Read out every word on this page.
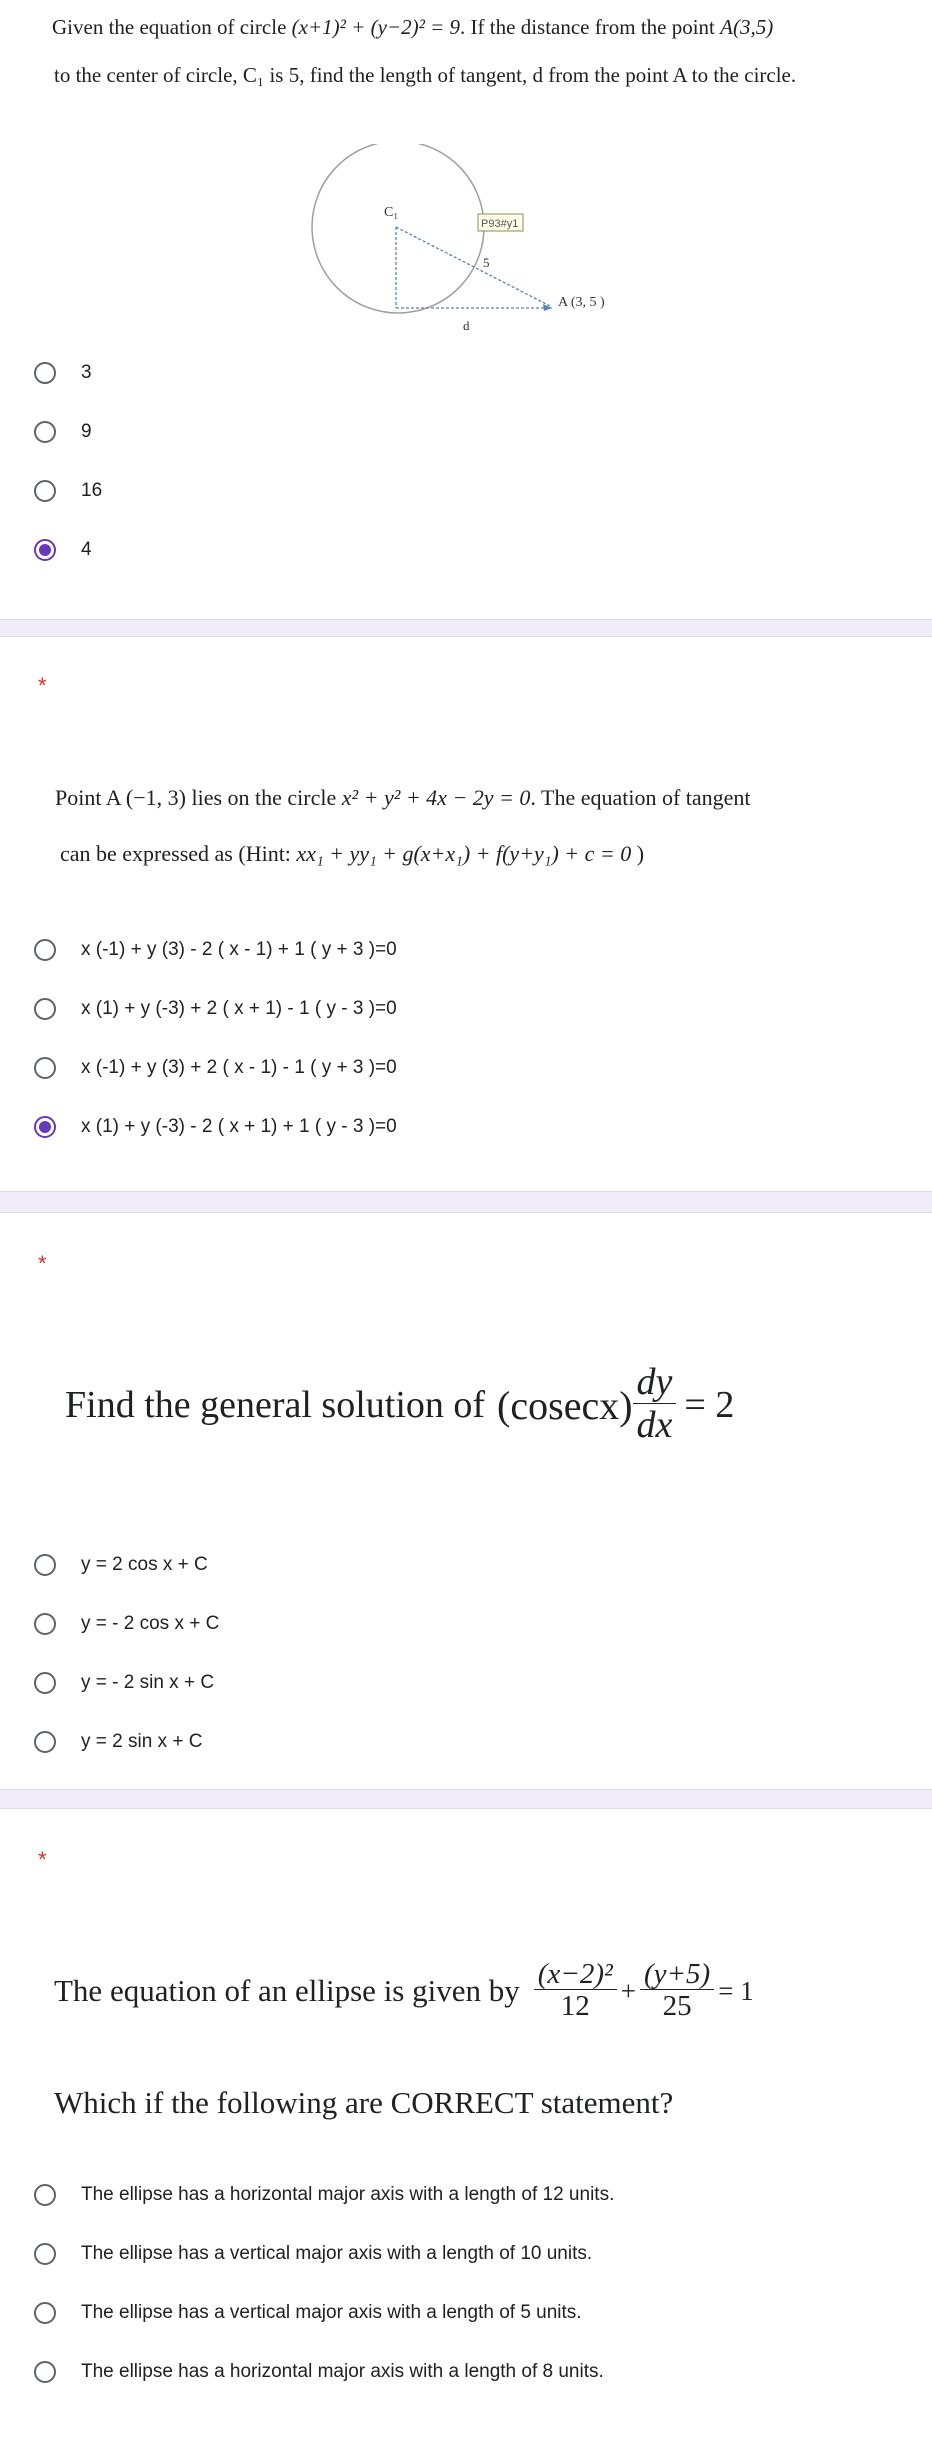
Given the equation of circle (x+1)² + (y−2)² = 9. If the distance from the point A(3,5)
to the center of circle, C₁ is 5, find the length of tangent, d from the point A to the circle.
C₁
P93#y1
5
d
A (3, 5 )
3
9
16
4
*
Point A (−1, 3) lies on the circle x² + y² + 4x − 2y = 0. The equation of tangent
can be expressed as (Hint: xx₁ + yy₁ + g(x+x₁) + f(y+y₁) + c = 0 )
x (-1) + y (3) - 2 ( x - 1) + 1 ( y + 3 )=0
x (1) + y (-3) + 2 ( x + 1) - 1 ( y - 3 )=0
x (-1) + y (3) + 2 ( x - 1) - 1 ( y + 3 )=0
x (1) + y (-3) - 2 ( x + 1) + 1 ( y - 3 )=0
*
Find the general solution of $(cosecx) \frac{dy}{dx} = 2$
y = 2 cos x + C
y = - 2 cos x + C
y = - 2 sin x + C
y = 2 sin x + C
*
The equation of an ellipse is given by $\frac{\text{(x−2)²}}{12} + \frac{(y+5)}{25} = 1$
Which if the following are CORRECT statement?
The ellipse has a horizontal major axis with a length of 12 units.
The ellipse has a vertical major axis with a length of 10 units.
The ellipse has a vertical major axis with a length of 5 units.
The ellipse has a horizontal major axis with a length of 8 units.
